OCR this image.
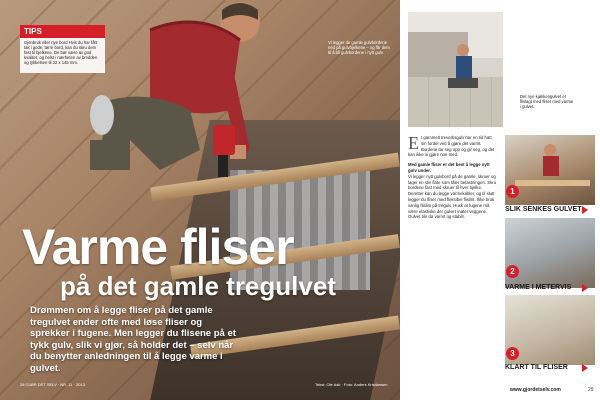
TIPS
Gjenbruk eller nye bord Hvis du har fått tak i gode, tørre bord, kan du skru dem fast til bjelkene. De bør være av god kvalitet, og helst i nærheten av bredden og tykkelsen til 22 x 145 mm.
Vi legger de gamle gulvbordene ned på gulvbjelkene – og får dem til å bli gulvbordene i nytt gulv.
Varme fliser
på det gamle tregulvet
Drømmen om å legge fliser på det gamle tregulvet ender ofte med løse fliser og sprekker i fugene. Men legger du flisene på et tykk gulv, slik vi gjør, så holder det – selv når du benytter anledningen til å legge varme i gulvet.
28 GJØR DET SELV · NR. 11 · 2013	Tekst: Ole Ask · Foto: Anders Kristiansen
Det nye kjøkkengulvet er flislagt med fliser med varme i gulvet.
E t gammelt treverksgulv har en tid hatt sin fordel ved å gjøre det varmt. Bordene tar seg opp og gir seg, og det kan ikke vi gjøre noe med.
Med gamle fliser er det best å legge nytt golv under.
Vi legger nytt gulvbord på de gamle, skruer og lager en stiv flate som tåler belastningen. Skru bordene fast med skruer til hver bjelke. Deretter kan du legge varmekabler, og til slutt legger du fliser med fleksibel flislim. Ikke bruk vanlig flislim på tregulv. Husk at fugene må være elastiske der gulvet møter veggene. Gulvet blir da varmt og stabilt.
1
SLIK SENKES GULVET
2
VARME I METERVIS
3
KLART TIL FLISER
www.gjordetselv.com	29
